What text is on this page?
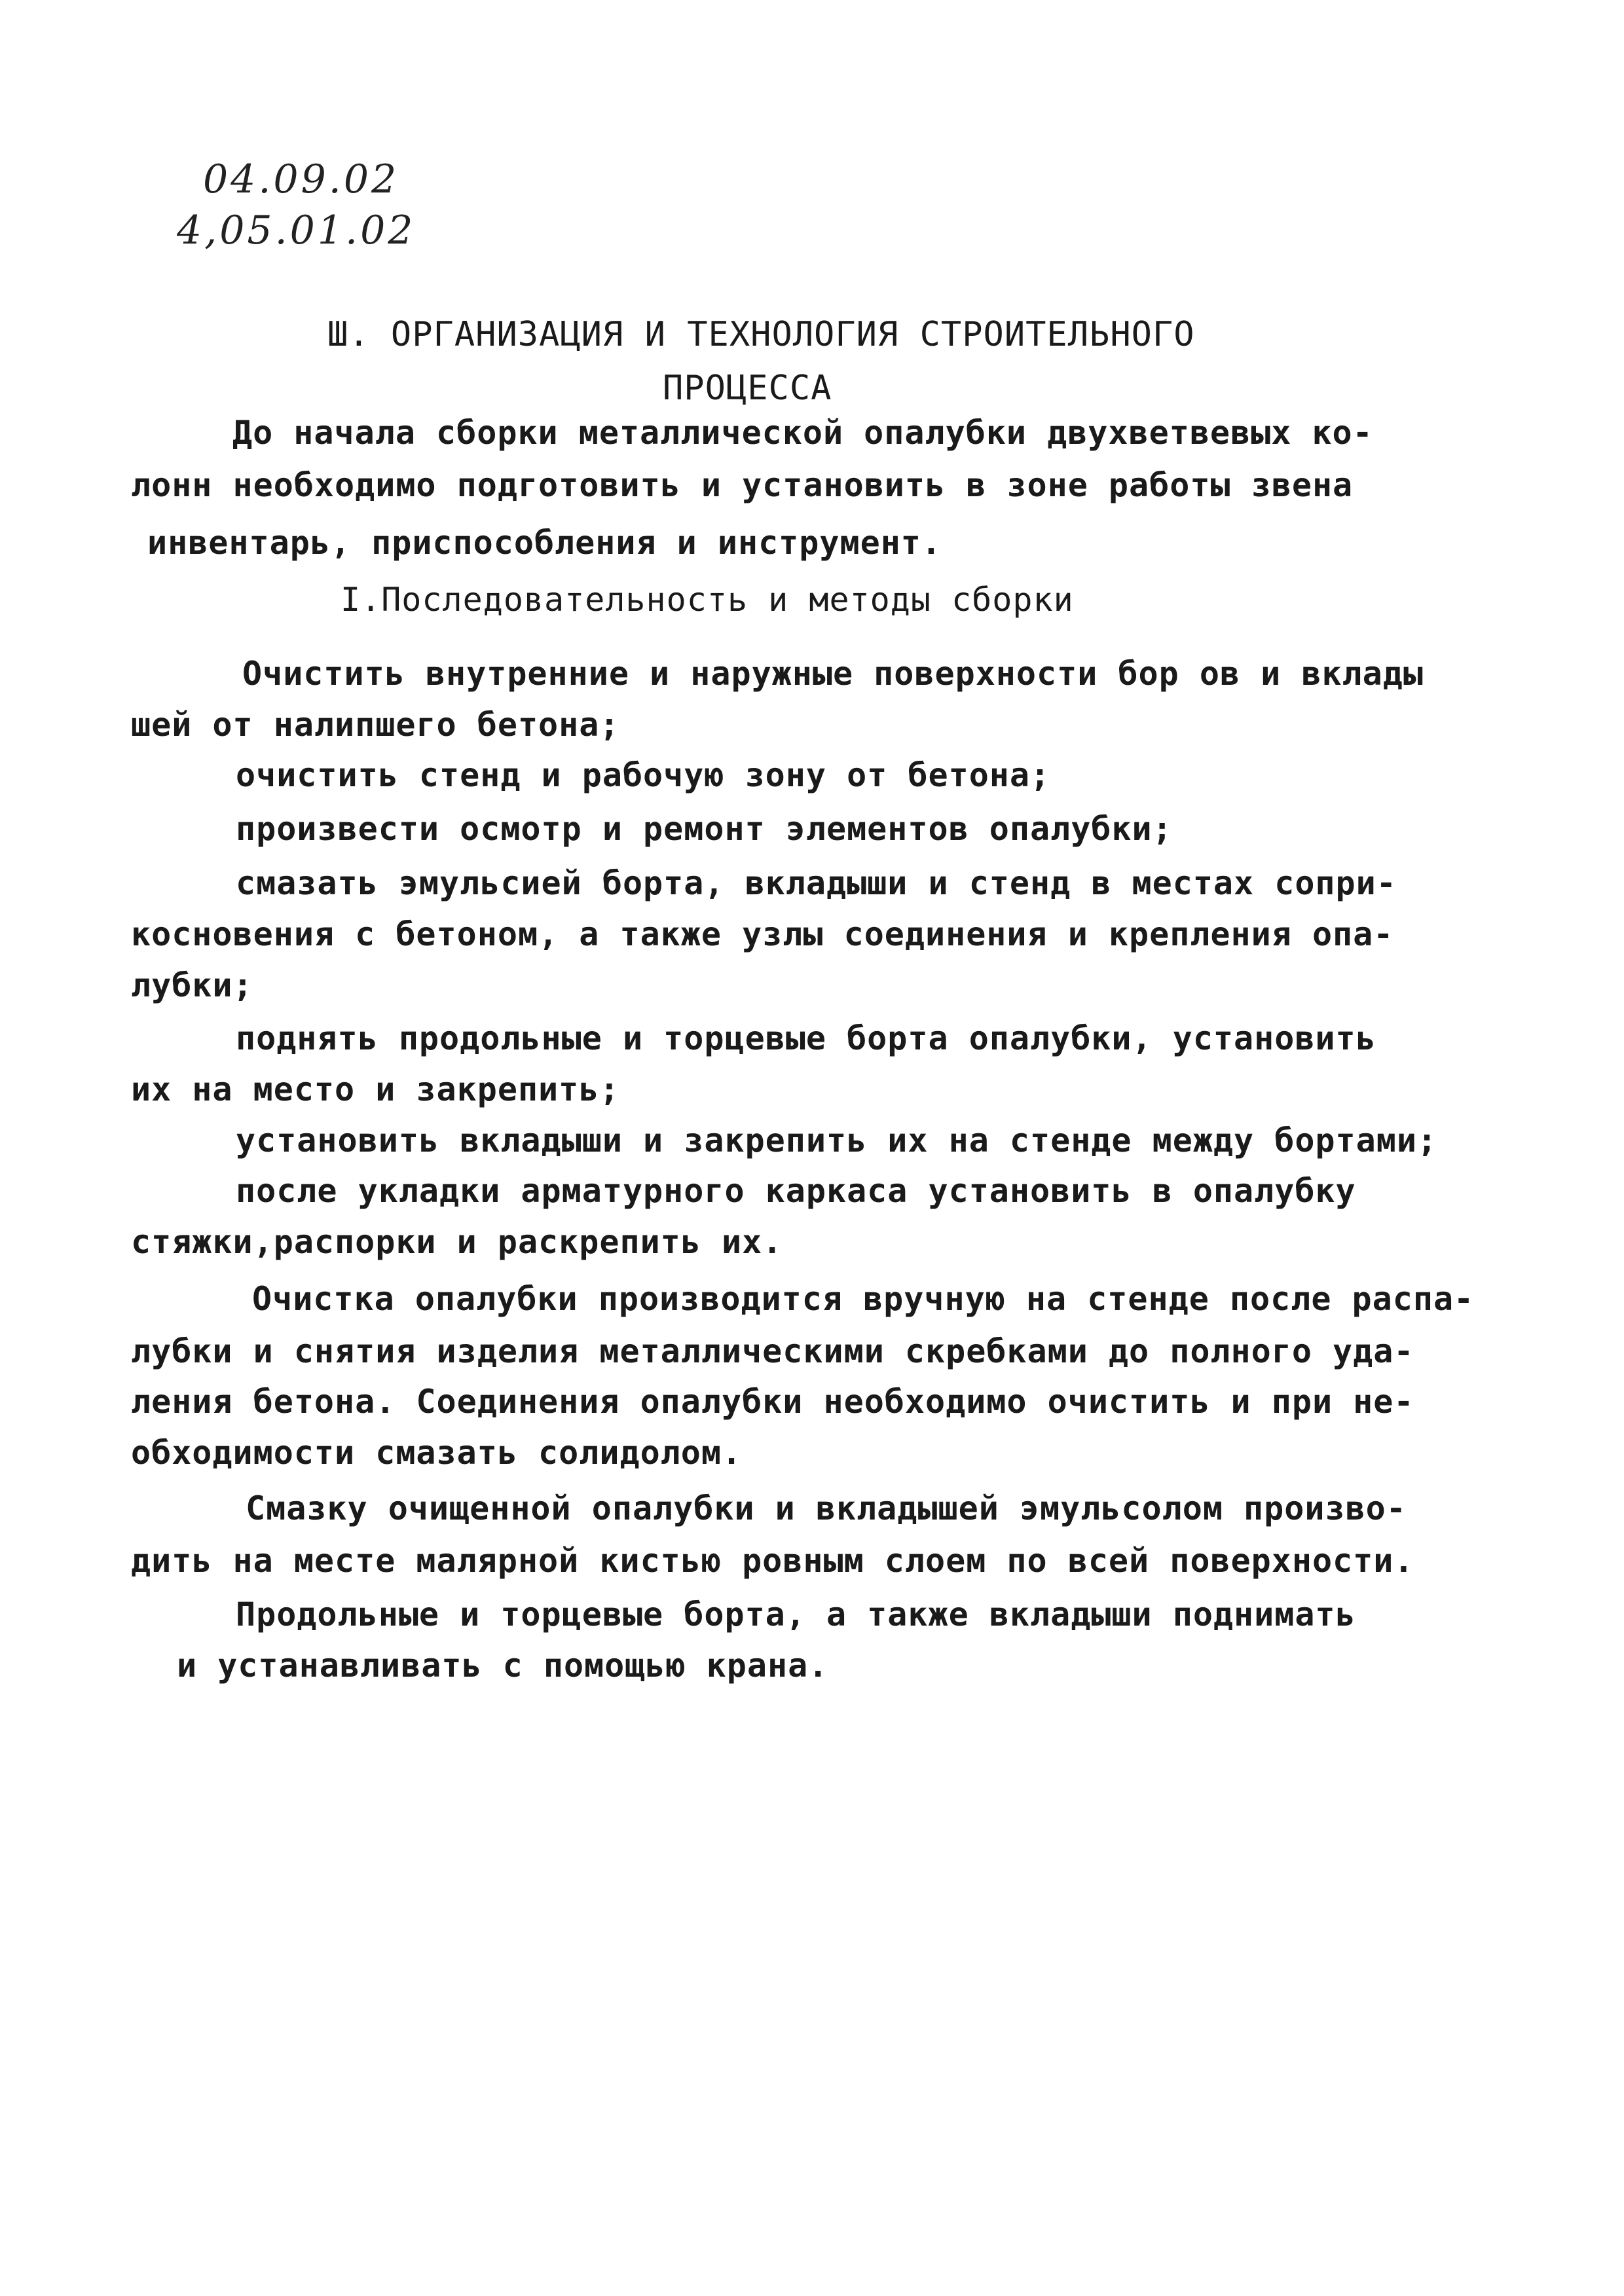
04.09.02
4,05.01.02
Ш. ОРГАНИЗАЦИЯ И ТЕХНОЛОГИЯ СТРОИТЕЛЬНОГО
ПРОЦЕССА
До начала сборки металлической опалубки двухветвевых ко-
лонн необходимо подготовить и установить в зоне работы звена
инвентарь, приспособления и инструмент.
I.Последовательность и методы сборки
Очистить внутренние и наружные поверхности бор ов и вклады
шей от налипшего бетона;
очистить стенд и рабочую зону от бетона;
произвести осмотр и ремонт элементов опалубки;
смазать эмульсией борта, вкладыши и стенд в местах сопри-
косновения с бетоном, а также узлы соединения и крепления опа-
лубки;
поднять продольные и торцевые борта опалубки, установить
их на место и закрепить;
установить вкладыши и закрепить их на стенде между бортами;
после укладки арматурного каркаса установить в опалубку
стяжки,распорки и раскрепить их.
Очистка опалубки производится вручную на стенде после распа-
лубки и снятия изделия металлическими скребками до полного уда-
ления бетона. Соединения опалубки необходимо очистить и при не-
обходимости смазать солидолом.
Смазку очищенной опалубки и вкладышей эмульсолом произво-
дить на месте малярной кистью ровным слоем по всей поверхности.
Продольные и торцевые борта, а также вкладыши поднимать
и устанавливать с помощью крана.
